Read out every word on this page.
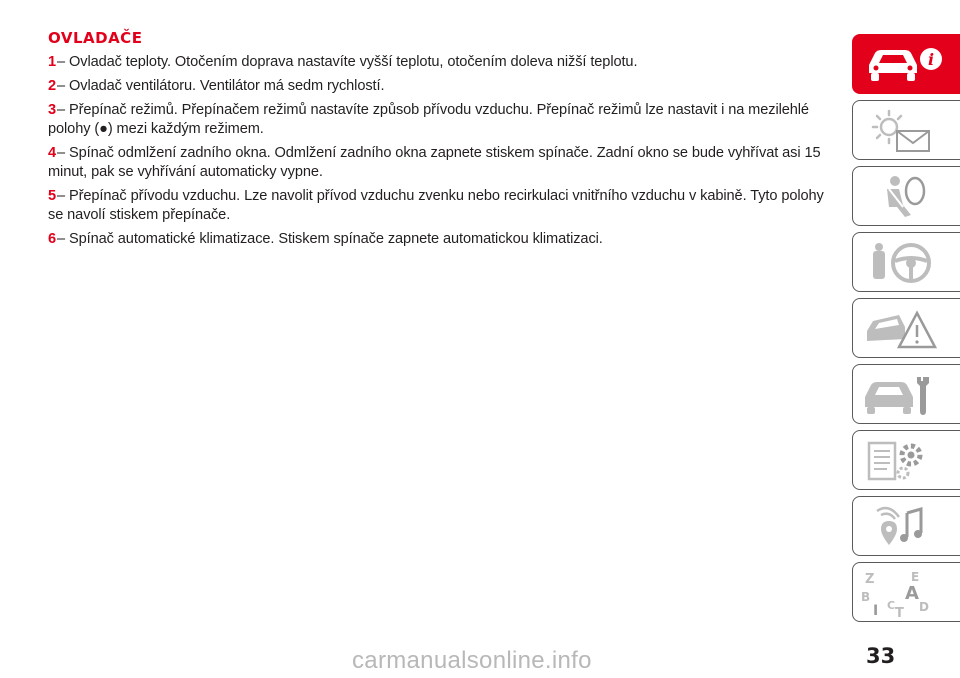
OVLADAČE
1– Ovladač teploty. Otočením doprava nastavíte vyšší teplotu, otočením doleva nižší teplotu.
2– Ovladač ventilátoru. Ventilátor má sedm rychlostí.
3– Přepínač režimů. Přepínačem režimů nastavíte způsob přívodu vzduchu. Přepínač režimů lze nastavit i na mezilehlé polohy (●) mezi každým režimem.
4– Spínač odmlžení zadního okna. Odmlžení zadního okna zapnete stiskem spínače. Zadní okno se bude vyhřívat asi 15 minut, pak se vyhřívání automaticky vypne.
5– Přepínač přívodu vzduchu. Lze navolit přívod vzduchu zvenku nebo recirkulaci vnitřního vzduchu v kabině. Tyto polohy se navolí stiskem přepínače.
6– Spínač automatické klimatizace. Stiskem spínače zapnete automatickou klimatizaci.
i
Z	E
B A
I C
T D
carmanualsonline.info	33
